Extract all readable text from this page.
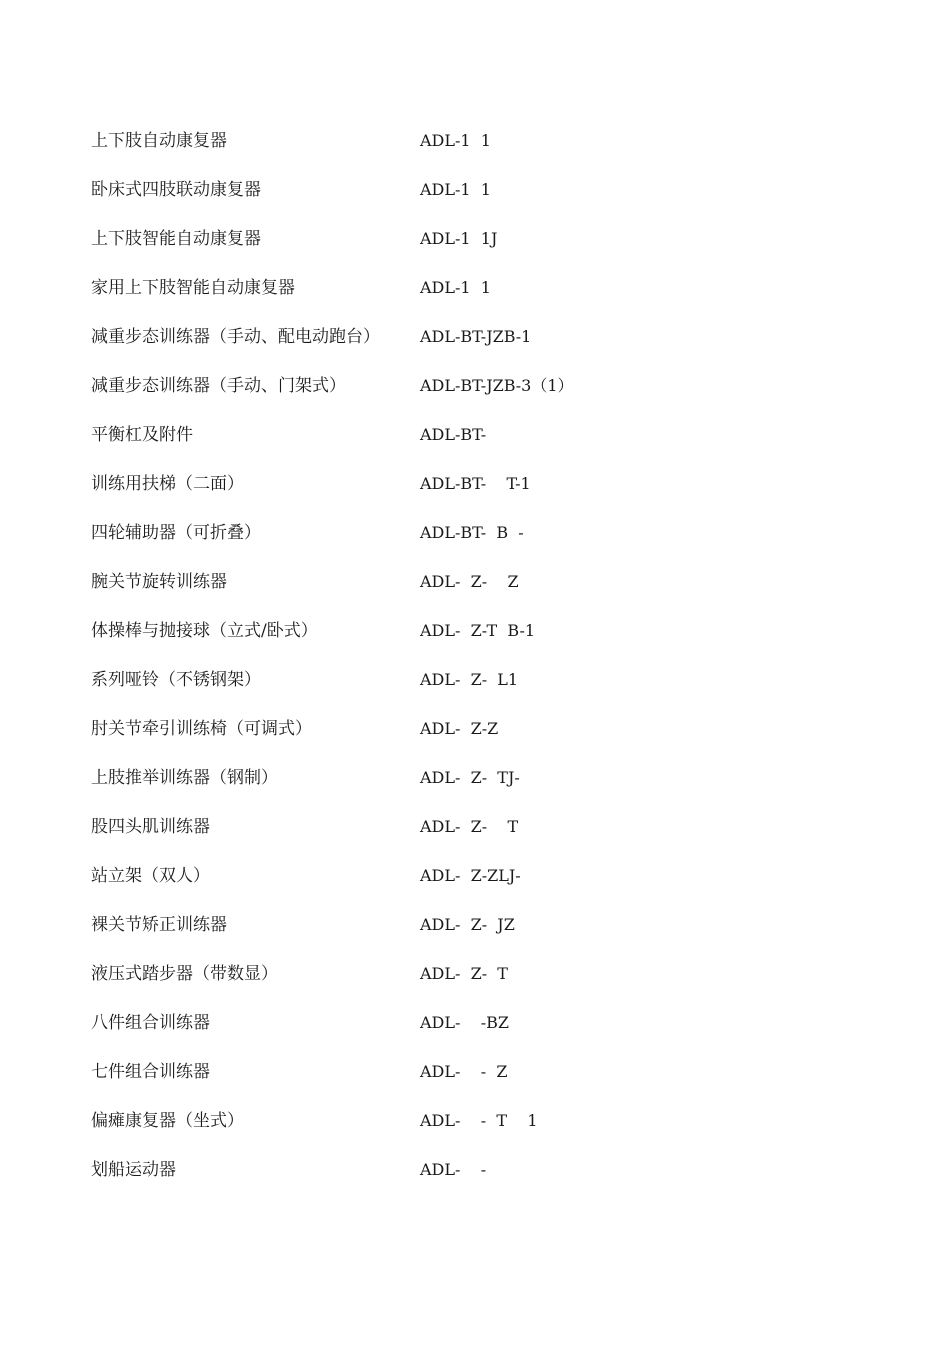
上下肢自动康复器	ADL-1  1
卧床式四肢联动康复器	ADL-1  1
上下肢智能自动康复器	ADL-1  1J
家用上下肢智能自动康复器	ADL-1  1
减重步态训练器（手动、配电动跑台）	ADL-BT-JZB-1
减重步态训练器（手动、门架式）	ADL-BT-JZB-3（1）
平衡杠及附件	ADL-BT-
训练用扶梯（二面）	ADL-BT-    T-1
四轮辅助器（可折叠）	ADL-BT-  B  -
腕关节旋转训练器	ADL-  Z-    Z
体操棒与抛接球（立式/卧式）	ADL-  Z-T  B-1
系列哑铃（不锈钢架）	ADL-  Z-  L1
肘关节牵引训练椅（可调式）	ADL-  Z-Z
上肢推举训练器（钢制）	ADL-  Z-  TJ-
股四头肌训练器	ADL-  Z-    T
站立架（双人）	ADL-  Z-ZLJ-
裸关节矫正训练器	ADL-  Z-  JZ
液压式踏步器（带数显）	ADL-  Z-  T
八件组合训练器	ADL-    -BZ
七件组合训练器	ADL-    -  Z
偏瘫康复器（坐式）	ADL-    -  T    1
划船运动器	ADL-    -
